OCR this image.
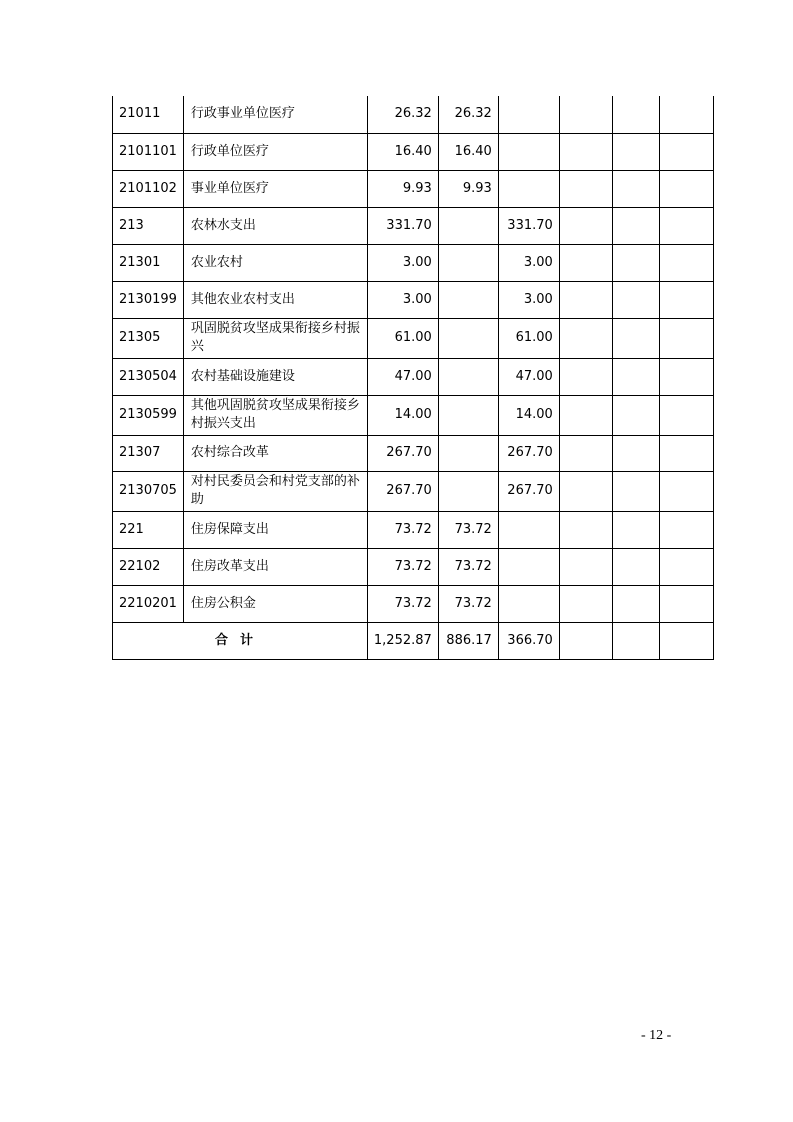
21011	行政事业单位医疗	26.32	26.32				
2101101	行政单位医疗	16.40	16.40				
2101102	事业单位医疗	9.93	9.93				
213	农林水支出	331.70		331.70			
21301	农业农村	3.00		3.00			
2130199	其他农业农村支出	3.00		3.00			
21305	巩固脱贫攻坚成果衔接乡村振兴	61.00		61.00			
2130504	农村基础设施建设	47.00		47.00			
2130599	其他巩固脱贫攻坚成果衔接乡村振兴支出	14.00		14.00			
21307	农村综合改革	267.70		267.70			
2130705	对村民委员会和村党支部的补助	267.70		267.70			
221	住房保障支出	73.72	73.72				
22102	住房改革支出	73.72	73.72				
2210201	住房公积金	73.72	73.72				
合计		1,252.87	886.17	366.70			
- 12 -
